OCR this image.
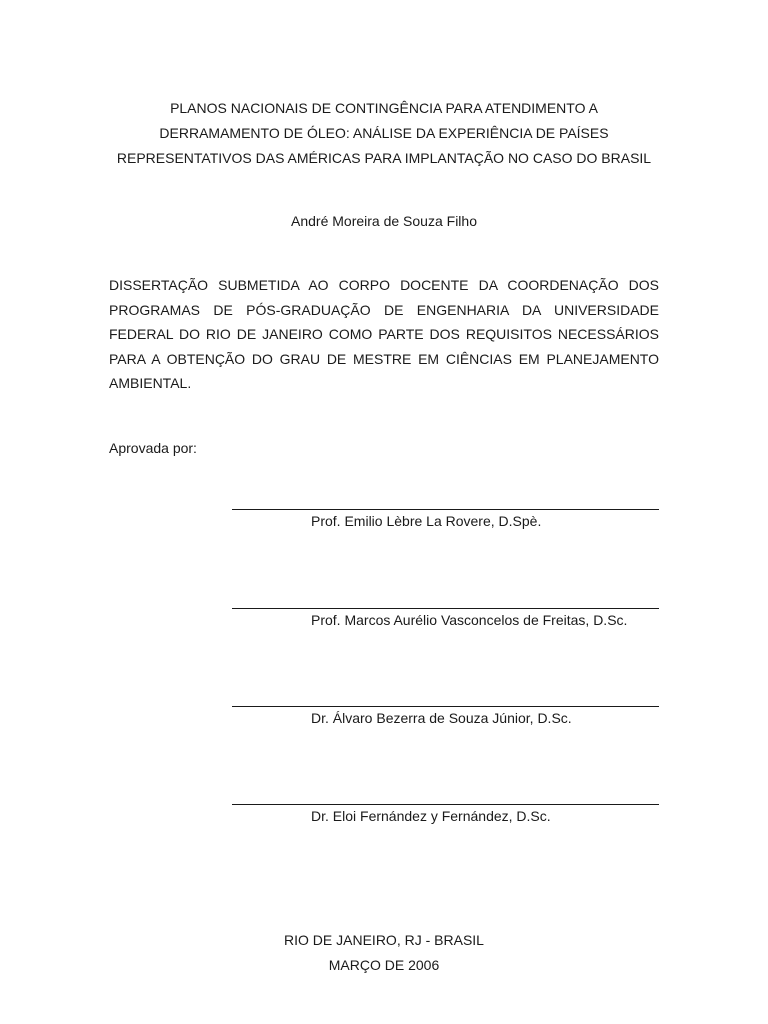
PLANOS NACIONAIS DE CONTINGÊNCIA PARA ATENDIMENTO A
DERRAMAMENTO DE ÓLEO: ANÁLISE DA EXPERIÊNCIA DE PAÍSES
REPRESENTATIVOS DAS AMÉRICAS PARA IMPLANTAÇÃO NO CASO DO BRASIL
André Moreira de Souza Filho
DISSERTAÇÃO SUBMETIDA AO CORPO DOCENTE DA COORDENAÇÃO DOS
PROGRAMAS DE PÓS-GRADUAÇÃO DE ENGENHARIA DA UNIVERSIDADE
FEDERAL DO RIO DE JANEIRO COMO PARTE DOS REQUISITOS NECESSÁRIOS
PARA A OBTENÇÃO DO GRAU DE MESTRE EM CIÊNCIAS EM PLANEJAMENTO
AMBIENTAL.
Aprovada por:
Prof. Emilio Lèbre La Rovere, D.Spè.
Prof. Marcos Aurélio Vasconcelos de Freitas, D.Sc.
Dr. Álvaro Bezerra de Souza Júnior, D.Sc.
Dr. Eloi Fernández y Fernández, D.Sc.
RIO DE JANEIRO, RJ - BRASIL
MARÇO DE 2006
